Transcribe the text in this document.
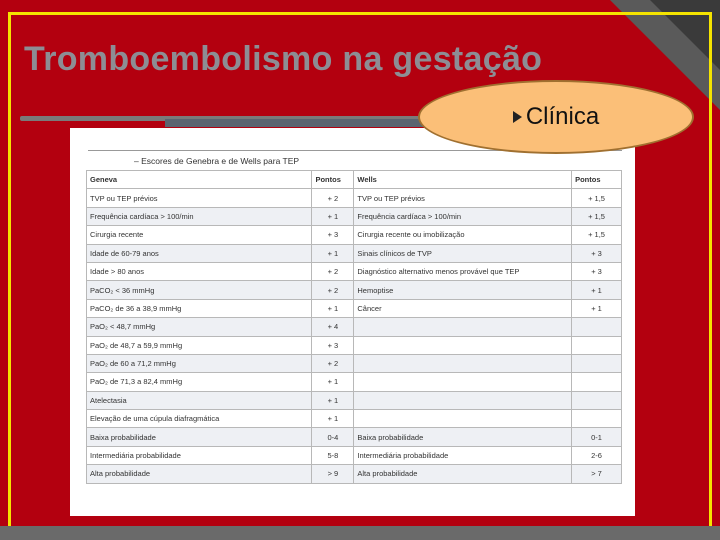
Tromboembolismo na gestação
– Escores de Genebra e de Wells para TEP
Geneva	Pontos	Wells	Pontos
TVP ou TEP prévios	+ 2	TVP ou TEP prévios	+ 1,5
Frequência cardíaca > 100/min	+ 1	Frequência cardíaca > 100/min	+ 1,5
Cirurgia recente	+ 3	Cirurgia recente ou imobilização	+ 1,5
Idade de 60-79 anos	+ 1	Sinais clínicos de TVP	+ 3
Idade > 80 anos	+ 2	Diagnóstico alternativo menos provável que TEP	+ 3
PaCO₂ < 36 mmHg	+ 2	Hemoptise	+ 1
PaCO₂ de 36 a 38,9 mmHg	+ 1	Câncer	+ 1
PaO₂ < 48,7 mmHg	+ 4		
PaO₂ de 48,7 a 59,9 mmHg	+ 3		
PaO₂ de 60 a 71,2 mmHg	+ 2		
PaO₂ de 71,3 a 82,4 mmHg	+ 1		
Atelectasia	+ 1		
Elevação de uma cúpula diafragmática	+ 1		
Baixa probabilidade	0-4	Baixa probabilidade	0-1
Intermediária probabilidade	5-8	Intermediária probabilidade	2-6
Alta probabilidade	> 9	Alta probabilidade	> 7
Clínica
